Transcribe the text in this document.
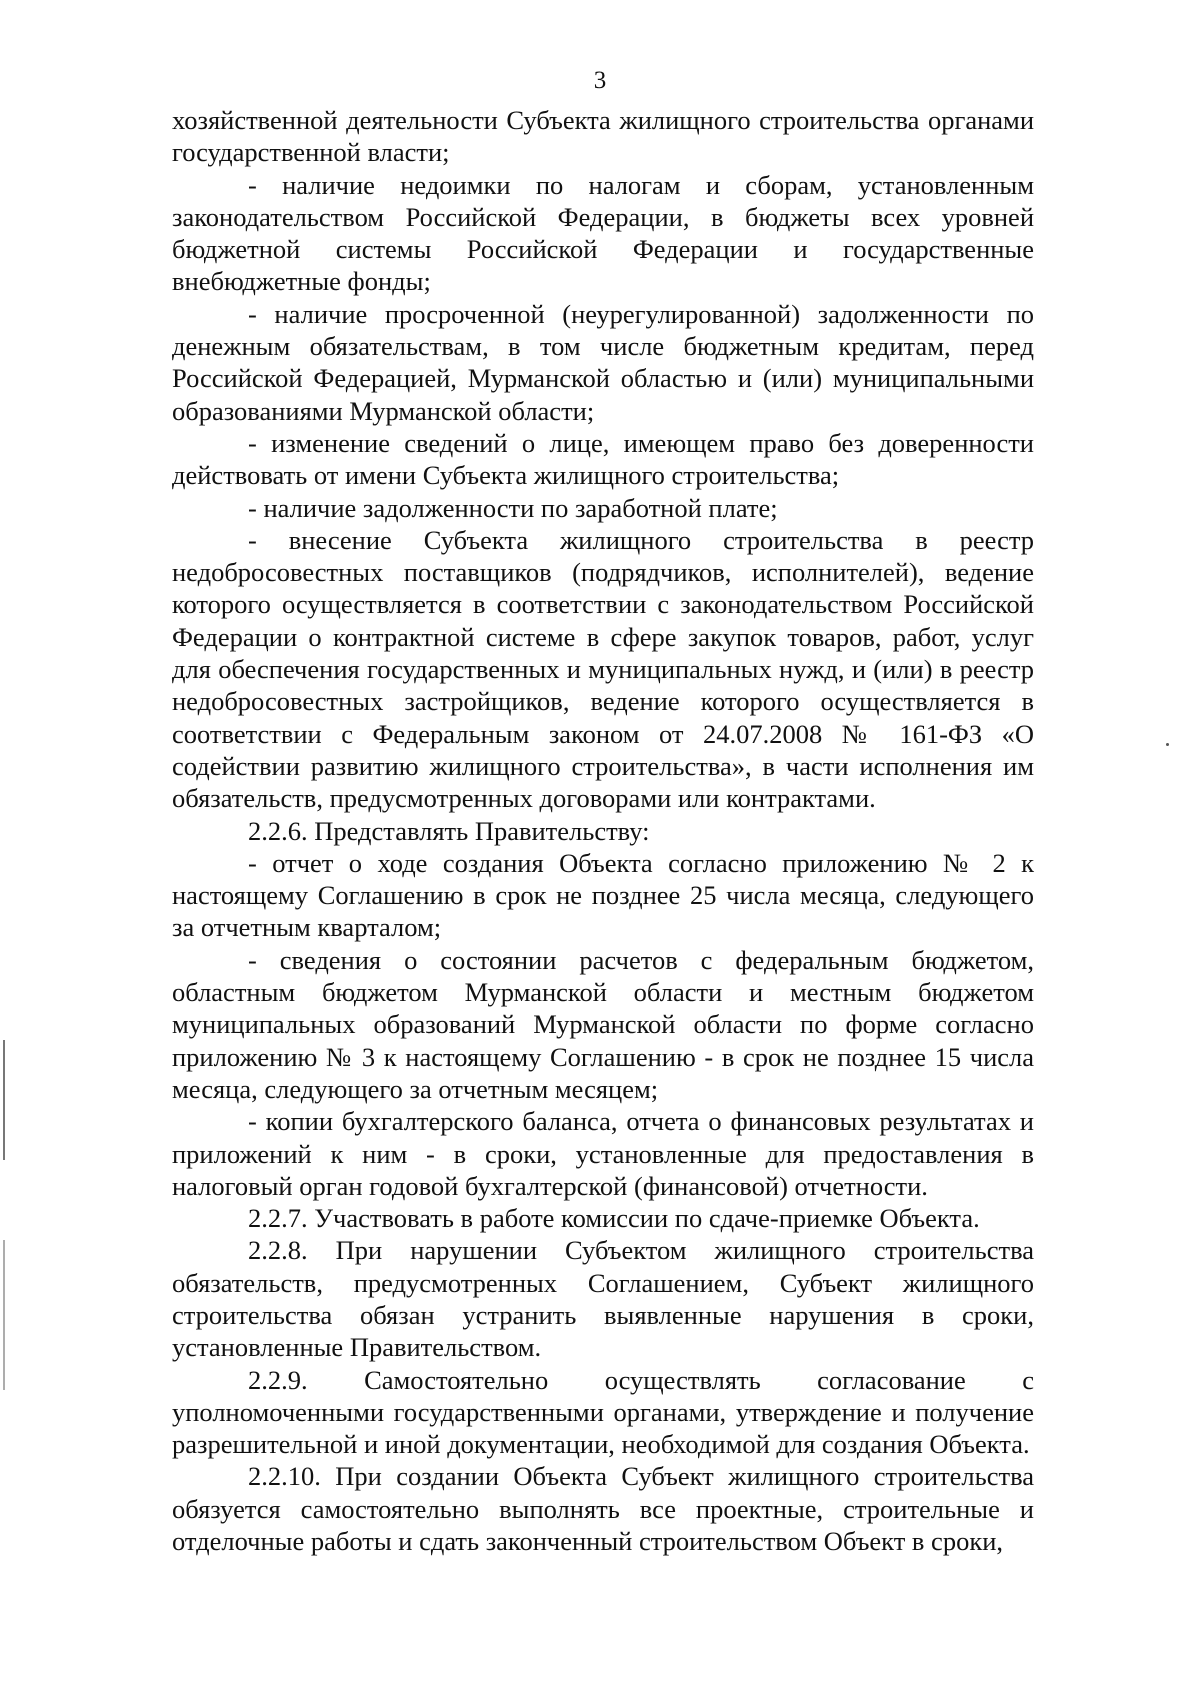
3

хозяйственной деятельности Субъекта жилищного строительства органами государственной власти;

- наличие недоимки по налогам и сборам, установленным законодательством Российской Федерации, в бюджеты всех уровней бюджетной системы Российской Федерации и государственные внебюджетные фонды;

- наличие просроченной (неурегулированной) задолженности по денежным обязательствам, в том числе бюджетным кредитам, перед Российской Федерацией, Мурманской областью и (или) муниципальными образованиями Мурманской области;

- изменение сведений о лице, имеющем право без доверенности действовать от имени Субъекта жилищного строительства;

- наличие задолженности по заработной плате;

- внесение Субъекта жилищного строительства в реестр недобросовестных поставщиков (подрядчиков, исполнителей), ведение которого осуществляется в соответствии с законодательством Российской Федерации о контрактной системе в сфере закупок товаров, работ, услуг для обеспечения государственных и муниципальных нужд, и (или) в реестр недобросовестных застройщиков, ведение которого осуществляется в соответствии с Федеральным законом от 24.07.2008 № 161-ФЗ «О содействии развитию жилищного строительства», в части исполнения им обязательств, предусмотренных договорами или контрактами.

2.2.6. Представлять Правительству:

- отчет о ходе создания Объекта согласно приложению № 2 к настоящему Соглашению в срок не позднее 25 числа месяца, следующего за отчетным кварталом;

- сведения о состоянии расчетов с федеральным бюджетом, областным бюджетом Мурманской области и местным бюджетом муниципальных образований Мурманской области по форме согласно приложению № 3 к настоящему Соглашению - в срок не позднее 15 числа месяца, следующего за отчетным месяцем;

- копии бухгалтерского баланса, отчета о финансовых результатах и приложений к ним - в сроки, установленные для предоставления в налоговый орган годовой бухгалтерской (финансовой) отчетности.

2.2.7. Участвовать в работе комиссии по сдаче-приемке Объекта.

2.2.8. При нарушении Субъектом жилищного строительства обязательств, предусмотренных Соглашением, Субъект жилищного строительства обязан устранить выявленные нарушения в сроки, установленные Правительством.

2.2.9. Самостоятельно осуществлять согласование с уполномоченными государственными органами, утверждение и получение разрешительной и иной документации, необходимой для создания Объекта.

2.2.10. При создании Объекта Субъект жилищного строительства обязуется самостоятельно выполнять все проектные, строительные и отделочные работы и сдать законченный строительством Объект в сроки,
